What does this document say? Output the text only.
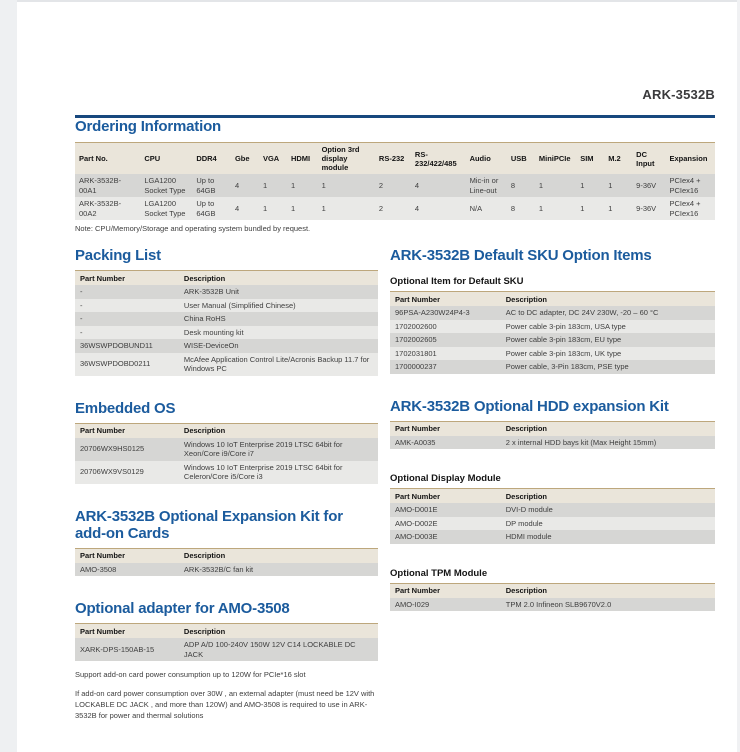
ARK-3532B
Ordering Information
Part No.	CPU	DDR4	Gbe	VGA	HDMI	Option 3rd display module	RS-232	RS-232/422/485	Audio	USB	MiniPCIe	SIM	M.2	DC Input	Expansion
ARK-3532B-00A1	LGA1200 Socket Type	Up to 64GB	4	1	1	1	2	4	Mic-in or Line-out	8	1	1	1	9-36V	PCIex4 + PCIex16
ARK-3532B-00A2	LGA1200 Socket Type	Up to 64GB	4	1	1	1	2	4	N/A	8	1	1	1	9-36V	PCIex4 + PCIex16

Note: CPU/Memory/Storage and operating system bundled by request.

Packing List
Part Number	Description
-	ARK-3532B Unit
-	User Manual (Simplified Chinese)
-	China RoHS
-	Desk mounting kit
36WSWPDOBUND11	WISE-DeviceOn
36WSWPDOBD0211	McAfee Application Control Lite/Acronis Backup 11.7 for Windows PC
Embedded OS
Part Number	Description
20706WX9HS0125	Windows 10 IoT Enterprise 2019 LTSC 64bit for Xeon/Core i9/Core i7
20706WX9VS0129	Windows 10 IoT Enterprise 2019 LTSC 64bit for Celeron/Core i5/Core i3
ARK-3532B Optional Expansion Kit for add-on Cards
Part Number	Description
AMO-3508	ARK-3532B/C fan kit
Optional adapter for AMO-3508
Part Number	Description
XARK-DPS-150AB-15	ADP A/D 100-240V 150W 12V C14 LOCKABLE DC JACK

Support add-on card power consumption up to 120W for PCIe*16 slot

If add-on card power consumption over 30W , an external adapter (must need be 12V with LOCKABLE DC JACK , and more than 120W) and AMO-3508 is required to use in ARK-3532B for power and thermal solutions

ARK-3532B Default SKU Option Items
Optional Item for Default SKU
Part Number	Description
96PSA-A230W24P4-3	AC to DC adapter, DC 24V 230W, -20 – 60 °C
1702002600	Power cable 3-pin 183cm, USA type
1702002605	Power cable 3-pin 183cm, EU type
1702031801	Power cable 3-pin 183cm, UK type
1700000237	Power cable, 3-Pin 183cm, PSE type
ARK-3532B Optional HDD expansion Kit
Part Number	Description
AMK-A0035	2 x internal HDD bays kit (Max Height 15mm)
Optional Display Module
Part Number	Description
AMO-D001E	DVI-D module
AMO-D002E	DP module
AMO-D003E	HDMI module
Optional TPM Module
Part Number	Description
AMO-I029	TPM 2.0 Infineon SLB9670V2.0
